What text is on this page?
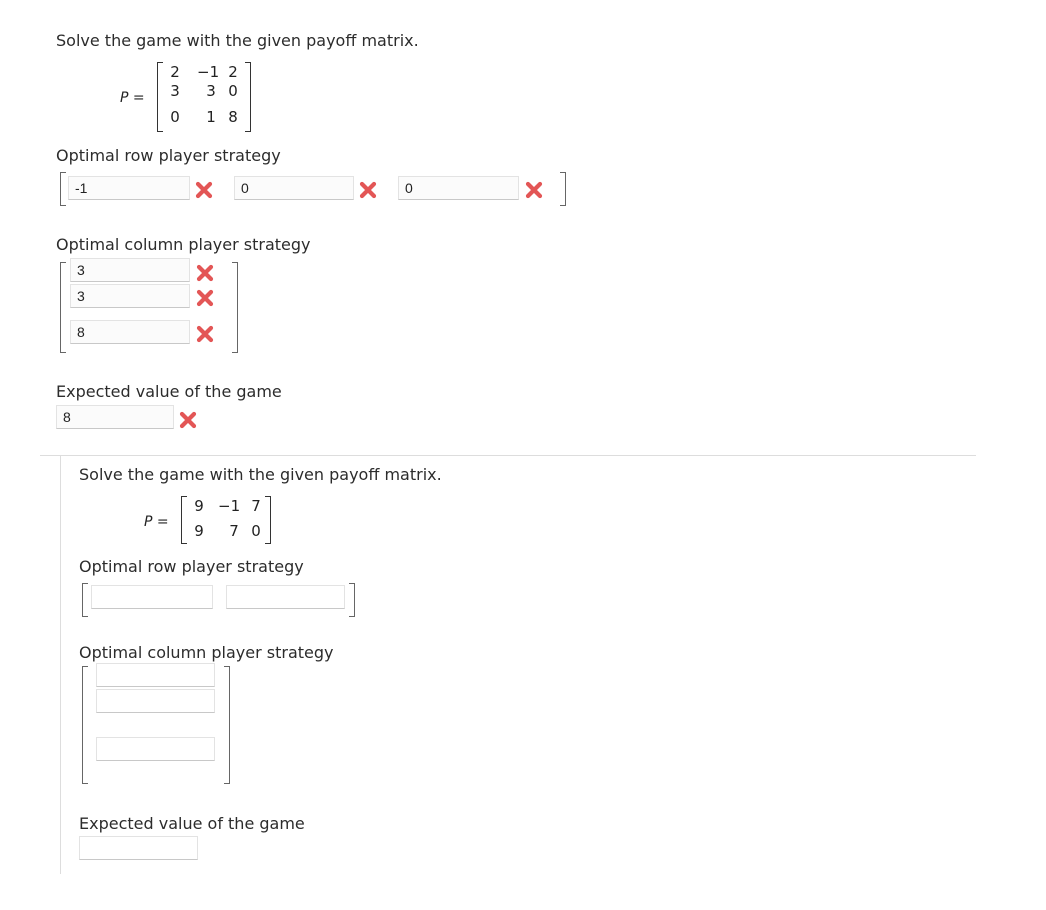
Solve the game with the given payoff matrix.
P =
2	−1 2
3	3 0
0	1 8
Optimal row player strategy
-1	0	0
Optimal column player strategy
3
3
8
Expected value of the game
8
Solve the game with the given payoff matrix.
P =
9 −1 7
9	7 0
Optimal row player strategy
Optimal column player strategy
Expected value of the game
